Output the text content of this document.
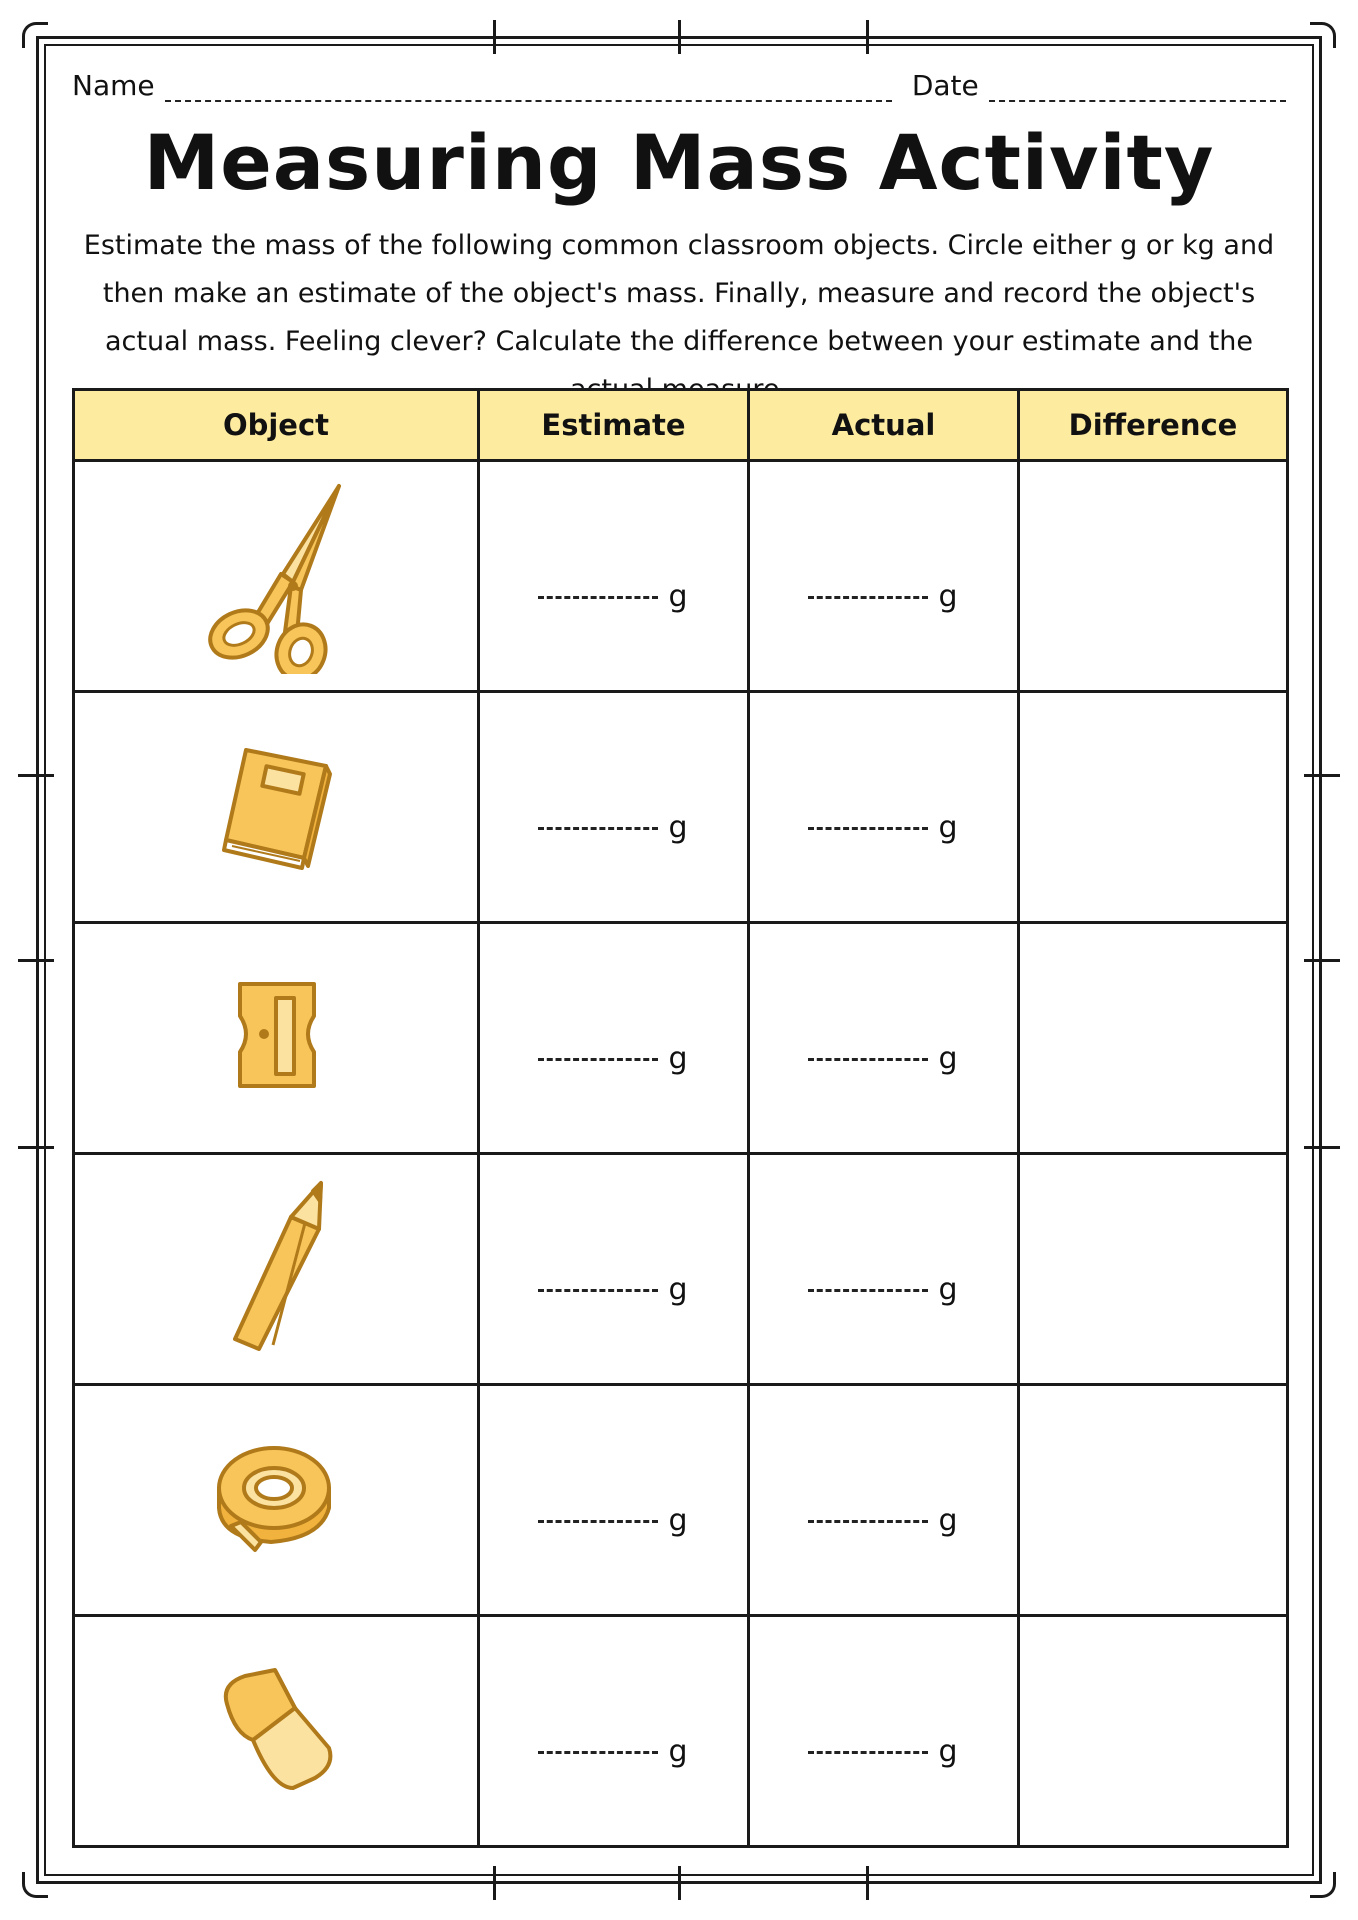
Name	Date
Measuring Mass Activity
Estimate the mass of the following common classroom objects. Circle either g or kg and then make an estimate of the object's mass. Finally, measure and record the object's actual mass. Feeling clever? Calculate the difference between your estimate and the
Object	Estimate	Actual	Difference
	g	g	
	g	g	
	g	g	
	g	g	
	g	g	
	g	g	
